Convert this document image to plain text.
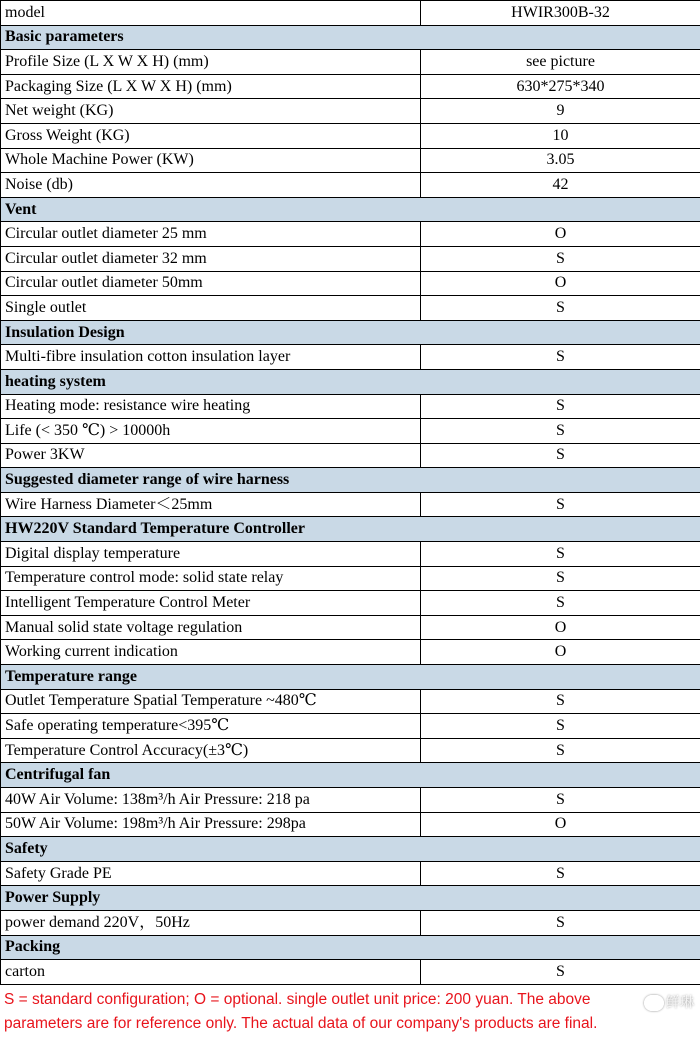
model	HWIR300B-32
Basic parameters	
Profile Size (L X W X H) (mm)	see picture
Packaging Size (L X W X H) (mm)	630*275*340
Net weight (KG)	9
Gross Weight (KG)	10
Whole Machine Power (KW)	3.05
Noise (db)	42
Vent	
Circular outlet diameter 25 mm	O
Circular outlet diameter 32 mm	S
Circular outlet diameter 50mm	O
Single outlet	S
Insulation Design	
Multi-fibre insulation cotton insulation layer	S
heating system	
Heating mode: resistance wire heating	S
Life (< 350 ℃) > 10000h	S
Power 3KW	S
Suggested diameter range of wire harness	
Wire Harness Diameter＜25mm	S
HW220V Standard Temperature Controller	
Digital display temperature	S
Temperature control mode: solid state relay	S
Intelligent Temperature Control Meter	S
Manual solid state voltage regulation	O
Working current indication	O
Temperature range	
Outlet Temperature Spatial Temperature ~480℃	S
Safe operating temperature<395℃	S
Temperature Control Accuracy(±3℃)	S
Centrifugal fan	
40W Air Volume: 138m³/h Air Pressure: 218 pa	S
50W Air Volume: 198m³/h Air Pressure: 298pa	O
Safety	
Safety Grade PE	S
Power Supply	
power demand 220V，50Hz	S
Packing	
carton	S
S = standard configuration; O = optional. single outlet unit price: 200 yuan. The above
parameters are for reference only. The actual data of our company's products are final.
鲜琳
